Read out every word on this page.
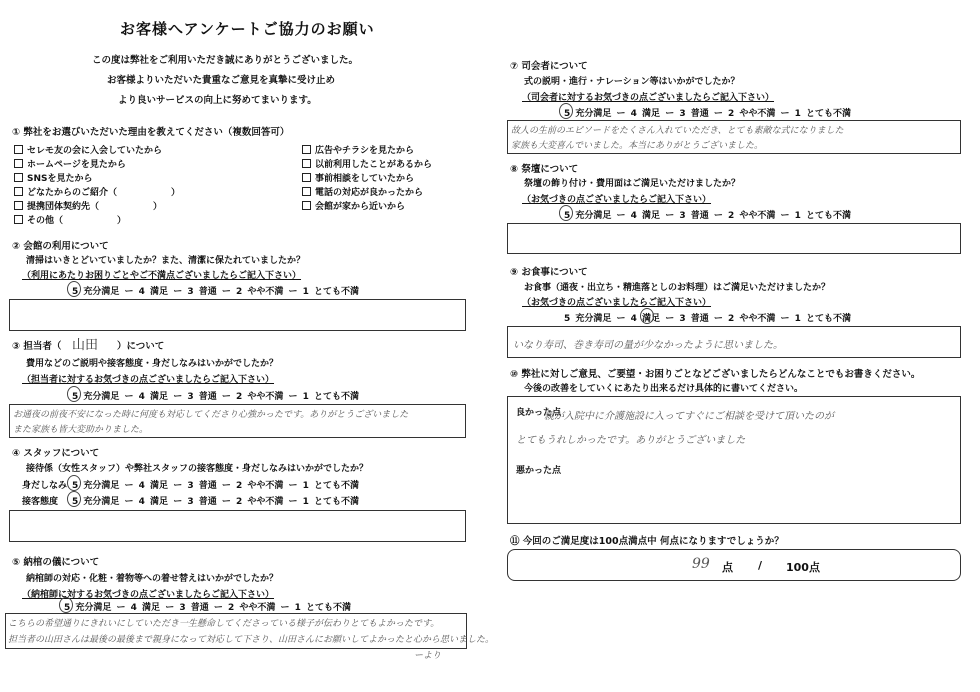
お客様へアンケートご協力のお願い
この度は弊社をご利用いただき誠にありがとうございました。
お客様よりいただいた貴重なご意見を真摯に受け止め
より良いサービスの向上に努めてまいります。
① 弊社をお選びいただいた理由を教えてください（複数回答可）
セレモ友の会に入会していたから
ホームページを見たから
SNSを見たから
どなたからのご紹介（　　　　　　）
提携団体契約先（　　　　　　）
その他（　　　　　　）
広告やチラシを見たから
以前利用したことがあるから
事前相談をしていたから
電話の対応が良かったから
会館が家から近いから
② 会館の利用について
清掃はいきとどいていましたか？また、清潔に保たれていましたか？
（利用にあたりお困りごとやご不満点ございましたらご記入下さい）
5 充分満足 ー 4 満足 ー 3 普通 ー 2 やや不満 ー 1 とても不満
③ 担当者（ 山田 ）について
費用などのご説明や接客態度・身だしなみはいかがでしたか？
（担当者に対するお気づきの点ございましたらご記入下さい）
5 充分満足 ー 4 満足 ー 3 普通 ー 2 やや不満 ー 1 とても不満
お通夜の前夜不安になった時に何度も対応してくださり心強かったです。ありがとうございました
また家族も皆大変助かりました。
④ スタッフについて
接待係（女性スタッフ）や弊社スタッフの接客態度・身だしなみはいかがでしたか？
身だしなみ 5 充分満足 ー 4 満足 ー 3 普通 ー 2 やや不満 ー 1 とても不満
接客態度 5 充分満足 ー 4 満足 ー 3 普通 ー 2 やや不満 ー 1 とても不満
⑤ 納棺の儀について
納棺師の対応・化粧・着物等への着せ替えはいかがでしたか？
（納棺師に対するお気づきの点ございましたらご記入下さい）
5 充分満足 ー 4 満足 ー 3 普通 ー 2 やや不満 ー 1 とても不満
こちらの希望通りにきれいにしていただき一生懸命してくださっている様子が伝わりとてもよかったです。
担当者の山田さんは最後の最後まで親身になって対応して下さり、山田さんにお願いしてよかったと心から思いました。
ーより
⑦ 司会者について
式の説明・進行・ナレーション等はいかがでしたか？
（司会者に対するお気づきの点ございましたらご記入下さい）
5 充分満足 ー 4 満足 ー 3 普通 ー 2 やや不満 ー 1 とても不満
故人の生前のエピソードをたくさん入れていただき、とても素敵な式になりました
家族も大変喜んでいました。本当にありがとうございました。
⑧ 祭壇について
祭壇の飾り付け・費用面はご満足いただけましたか？
（お気づきの点ございましたらご記入下さい）
5 充分満足 ー 4 満足 ー 3 普通 ー 2 やや不満 ー 1 とても不満
⑨ お食事について
お食事（通夜・出立ち・精進落としのお料理）はご満足いただけましたか？
（お気づきの点ございましたらご記入下さい）
5 充分満足 ー 4 満足 ー 3 普通 ー 2 やや不満 ー 1 とても不満
いなり寿司、巻き寿司の量が少なかったように思いました。
⑩ 弊社に対しご意見、ご要望・お困りごとなどございましたらどんなことでもお書きください。
今後の改善をしていくにあたり出来るだけ具体的に書いてください。
良かった点
親が入院中に介護施設に入ってすぐにご相談を受けて頂いたのが
とてもうれしかったです。ありがとうございました
悪かった点
⑪ 今回のご満足度は100点満点中 何点になりますでしょうか？
99 点 / 100点
